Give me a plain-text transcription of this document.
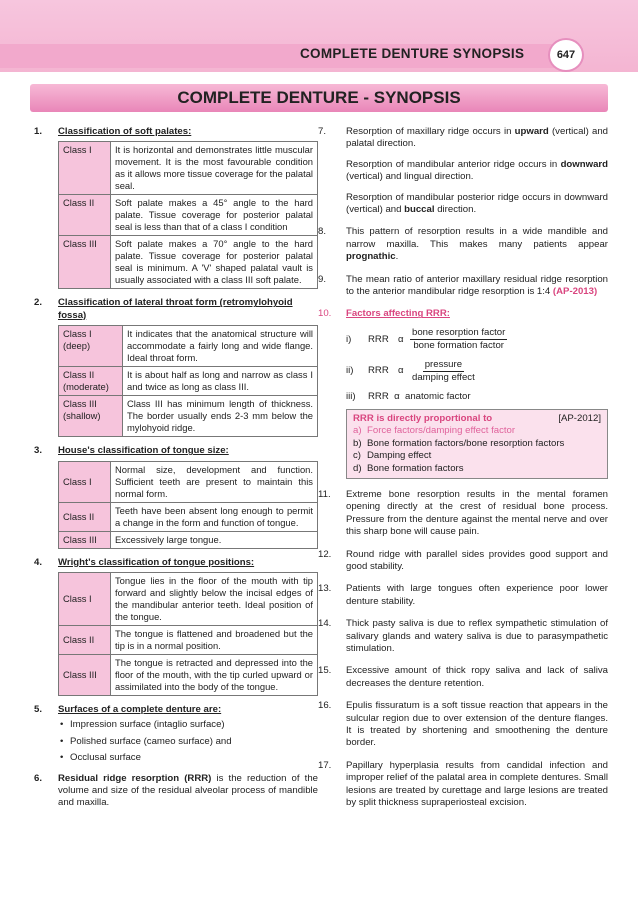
COMPLETE DENTURE SYNOPSIS	647
COMPLETE DENTURE - SYNOPSIS
1. Classification of soft palates:
Class I	It is horizontal and demonstrates little muscular movement. It is the most favourable condition as it allows more tissue coverage for the palatal seal.
Class II	Soft palate makes a 45° angle to the hard palate. Tissue coverage for posterior palatal seal is less than that of a class I condition
Class III	Soft palate makes a 70° angle to the hard palate. Tissue coverage for posterior palatal seal is minimum. A 'V' shaped palatal vault is usually associated with a class III soft palate.
2. Classification of lateral throat form (retromylohyoid fossa)
Class I (deep)	It indicates that the anatomical structure will accommodate a fairly long and wide flange. Ideal throat form.
Class II (moderate)	It is about half as long and narrow as class I and twice as long as class III.
Class III (shallow)	Class III has minimum length of thickness. The border usually ends 2-3 mm below the mylohyoid ridge.
3. House's classification of tongue size:
Class I	Normal size, development and function. Sufficient teeth are present to maintain this normal form.
Class II	Teeth have been absent long enough to permit a change in the form and function of tongue.
Class III	Excessively large tongue.
4. Wright's classification of tongue positions:
Class I	Tongue lies in the floor of the mouth with tip forward and slightly below the incisal edges of the mandibular anterior teeth. Ideal position of the tongue.
Class II	The tongue is flattened and broadened but the tip is in a normal position.
Class III	The tongue is retracted and depressed into the floor of the mouth, with the tip curled upward or assimilated into the body of the tongue.
5. Surfaces of a complete denture are:
• Impression surface (intaglio surface)
• Polished surface (cameo surface) and
• Occlusal surface
6. Residual ridge resorption (RRR) is the reduction of the volume and size of the residual alveolar process of mandible and maxilla.
7. Resorption of maxillary ridge occurs in upward (vertical) and palatal direction.
Resorption of mandibular anterior ridge occurs in downward (vertical) and lingual direction.
Resorption of mandibular posterior ridge occurs in downward (vertical) and buccal direction.
8. This pattern of resorption results in a wide mandible and narrow maxilla. This makes many patients appear prognathic.
9. The mean ratio of anterior maxillary residual ridge resorption to the anterior mandibular ridge resorption is 1:4 (AP-2013)
10. Factors affecting RRR:
i)	RRR α $\frac{\text{bone resorption factor}}{\text{bone formation factor}}$
ii)	RRR α $\frac{\text{pressure}}{\text{damping effect}}$
iii)	RRR  α  anatomic factor
RRR is directly proportional to	[AP-2012]
a) Force factors/damping effect factor
b) Bone formation factors/bone resorption factors
c) Damping effect
d) Bone formation factors
11. Extreme bone resorption results in the mental foramen opening directly at the crest of residual bone process. Pressure from the denture against the mental nerve and over this sharp bone will cause pain.
12. Round ridge with parallel sides provides good support and good stability.
13. Patients with large tongues often experience poor lower denture stability.
14. Thick pasty saliva is due to reflex sympathetic stimulation of salivary glands and watery saliva is due to parasympathetic stimulation.
15. Excessive amount of thick ropy saliva and lack of saliva decreases the denture retention.
16. Epulis fissuratum is a soft tissue reaction that appears in the sulcular region due to over extension of the denture flanges. It is treated by shortening and smoothening the denture border.
17. Papillary hyperplasia results from candidal infection and improper relief of the palatal area in complete dentures. Small lesions are treated by curettage and large lesions are treated by split thickness supraperiosteal excision.
